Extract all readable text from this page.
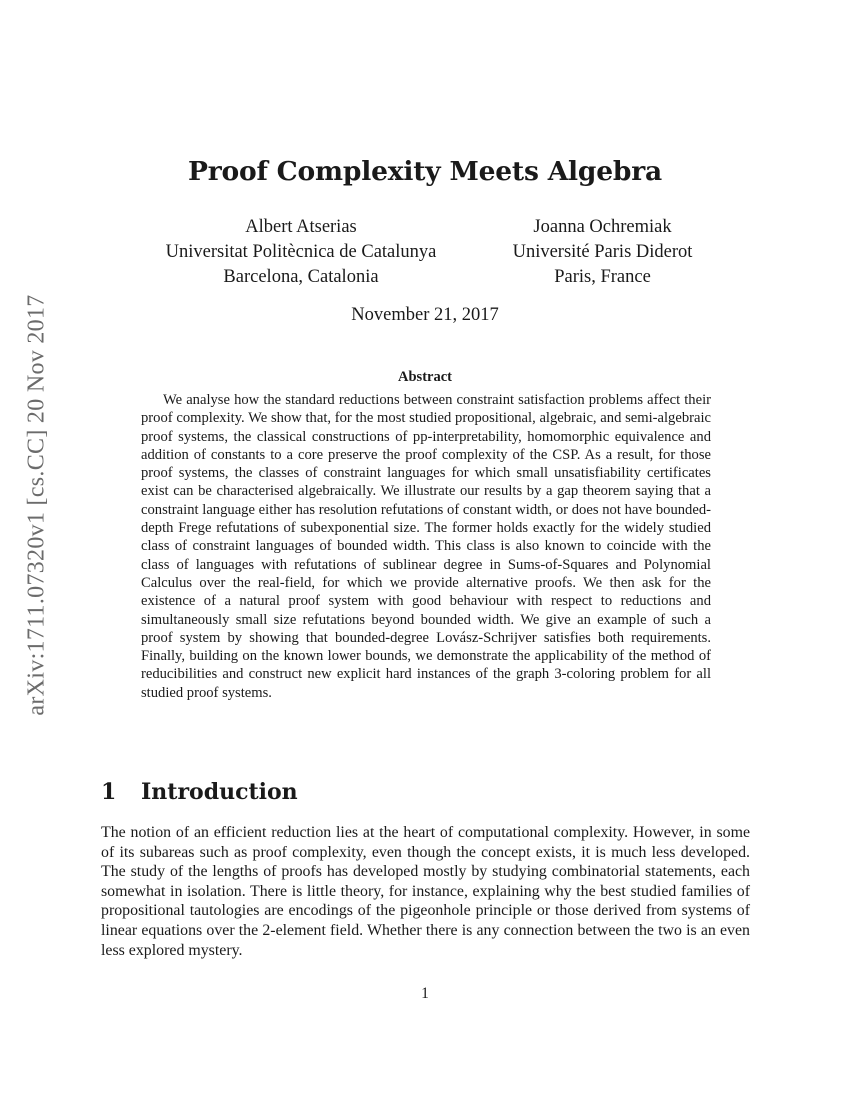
arXiv:1711.07320v1 [cs.CC] 20 Nov 2017
Proof Complexity Meets Algebra
Albert Atserias
Universitat Politècnica de Catalunya
Barcelona, Catalonia
Joanna Ochremiak
Université Paris Diderot
Paris, France
November 21, 2017
Abstract

We analyse how the standard reductions between constraint satisfaction problems affect their proof complexity. We show that, for the most studied propositional, algebraic, and semi-algebraic proof systems, the classical constructions of pp-interpretability, homomorphic equivalence and addition of constants to a core preserve the proof complexity of the CSP. As a result, for those proof systems, the classes of constraint languages for which small unsatisfiability certificates exist can be characterised algebraically. We illustrate our results by a gap theorem saying that a constraint language either has resolution refutations of constant width, or does not have bounded-depth Frege refutations of subexponential size. The former holds exactly for the widely studied class of constraint languages of bounded width. This class is also known to coincide with the class of languages with refutations of sublinear degree in Sums-of-Squares and Polynomial Calculus over the real-field, for which we provide alternative proofs. We then ask for the existence of a natural proof system with good behaviour with respect to reductions and simultaneously small size refutations beyond bounded width. We give an example of such a proof system by showing that bounded-degree Lovász-Schrijver satisfies both requirements. Finally, building on the known lower bounds, we demonstrate the applicability of the method of reducibilities and construct new explicit hard instances of the graph 3-coloring problem for all studied proof systems.

1 Introduction

The notion of an efficient reduction lies at the heart of computational complexity. However, in some of its subareas such as proof complexity, even though the concept exists, it is much less developed. The study of the lengths of proofs has developed mostly by studying combinatorial statements, each somewhat in isolation. There is little theory, for instance, explaining why the best studied families of propositional tautologies are encodings of the pigeonhole principle or those derived from systems of linear equations over the 2-element field. Whether there is any connection between the two is an even less explored mystery.

1
